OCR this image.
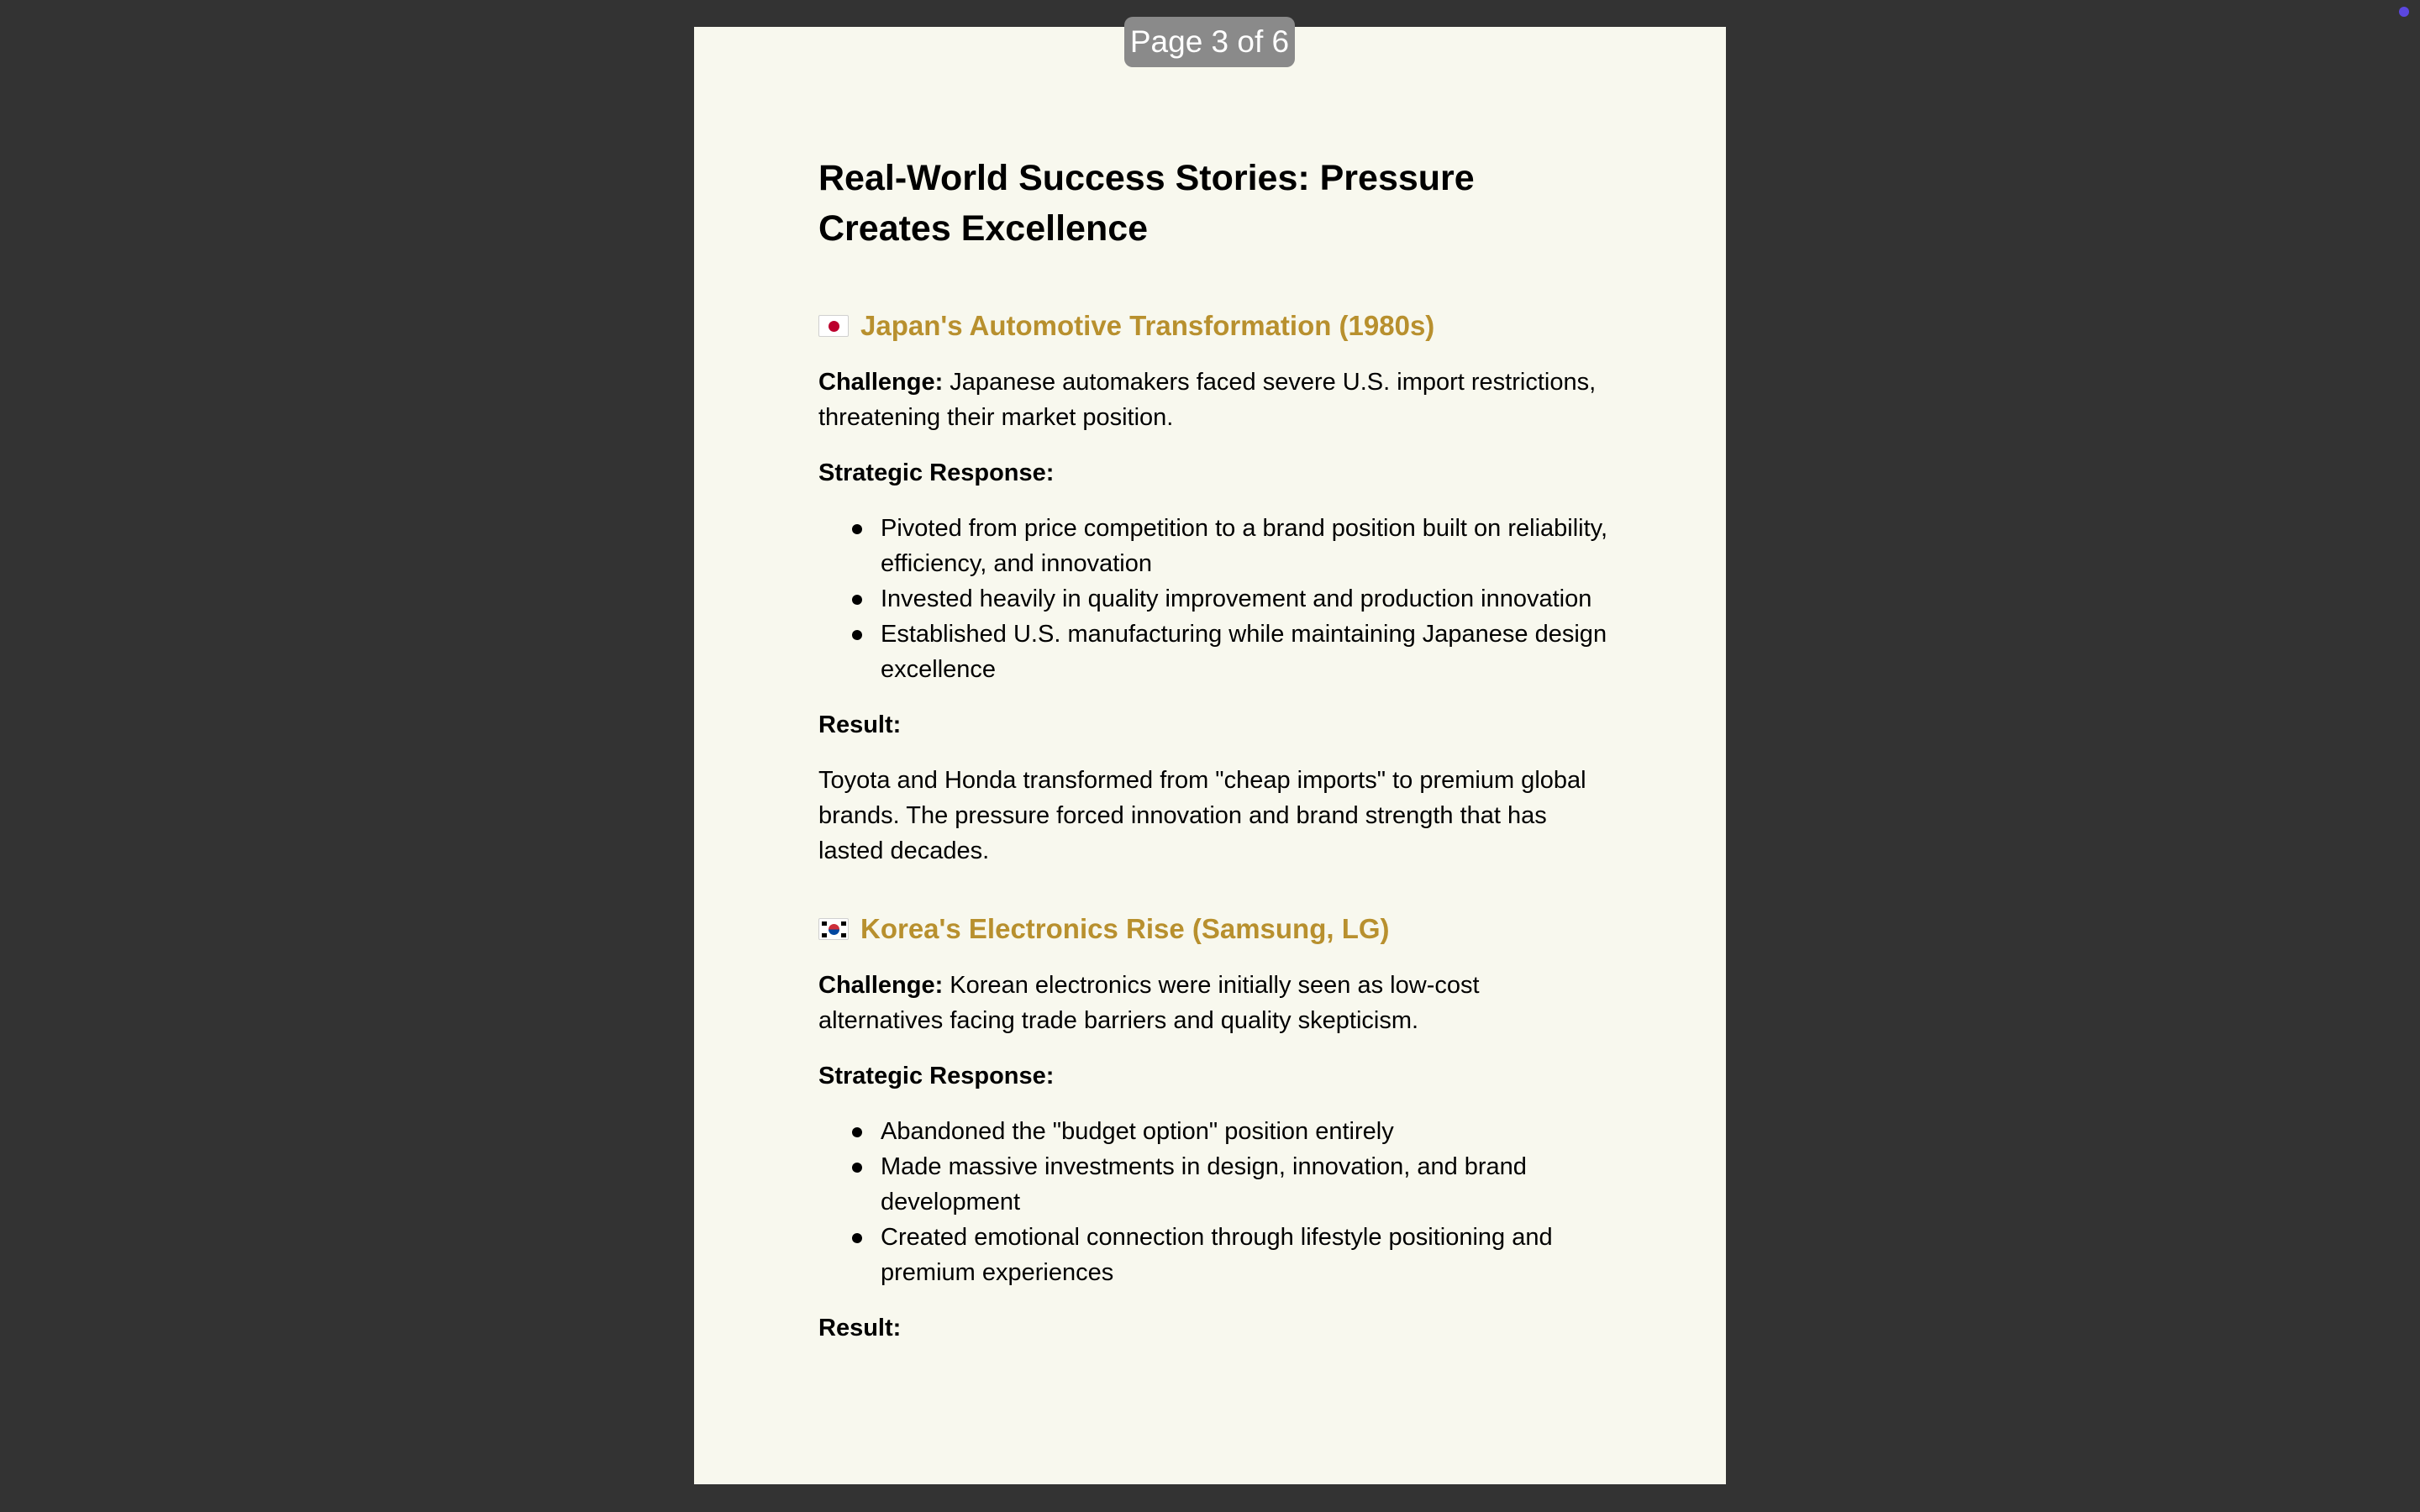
Real-World Success Stories: Pressure Creates Excellence
Japan's Automotive Transformation (1980s)

Challenge: Japanese automakers faced severe U.S. import restrictions, threatening their market position.

Strategic Response:

Pivoted from price competition to a brand position built on reliability, efficiency, and innovation
Invested heavily in quality improvement and production innovation
Established U.S. manufacturing while maintaining Japanese design excellence

Result:

Toyota and Honda transformed from "cheap imports" to premium global brands. The pressure forced innovation and brand strength that has lasted decades.

Korea's Electronics Rise (Samsung, LG)

Challenge: Korean electronics were initially seen as low-cost alternatives facing trade barriers and quality skepticism.

Strategic Response:

Abandoned the "budget option" position entirely
Made massive investments in design, innovation, and brand development
Created emotional connection through lifestyle positioning and premium experiences

Result:

Page 3 of 6
